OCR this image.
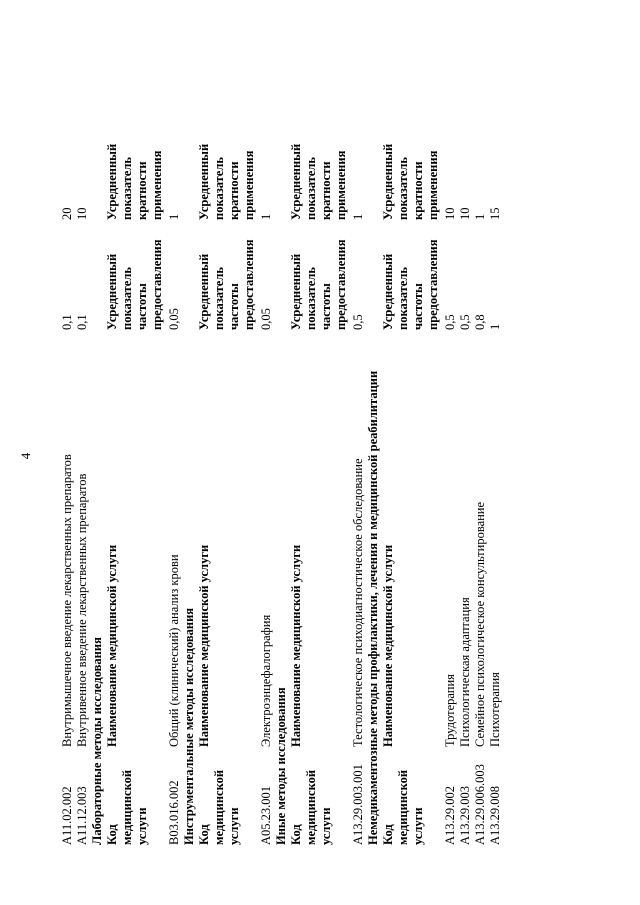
4
A11.02.002
Внутримышечное введение лекарственных препаратов
0,1
20
A11.12.003
Внутривенное введение лекарственных препаратов
0,1
10
Лабораторные методы исследования Код медицинской услуги
Наименование медицинской услуги
Усредненный показатель частоты предоставления
Усредненный показатель кратности применения
B03.016.002
Общий (клинический) анализ крови
0,05
1
Инструментальные методы исследования Код медицинской услуги
Наименование медицинской услуги
Усредненный показатель частоты предоставления
Усредненный показатель кратности применения
A05.23.001
Электроэнцефалография
0,05
1
Иные методы исследования Код медицинской услуги
Наименование медицинской услуги
Усредненный показатель частоты предоставления
Усредненный показатель кратности применения
A13.29.003.001
Тестологическое психодиагностическое обследование
0,5
1
Немедикаментозные методы профилактики, лечения и медицинской реабилитации Код медицинской услуги
Наименование медицинской услуги
Усредненный показатель частоты предоставления
Усредненный показатель кратности применения
A13.29.002
Трудотерапия
0,5
10
A13.29.003
Психологическая адаптация
0,5
10
A13.29.006.003
Семейное психологическое консультирование
0,8
1
A13.29.008
Психотерапия
1
15
